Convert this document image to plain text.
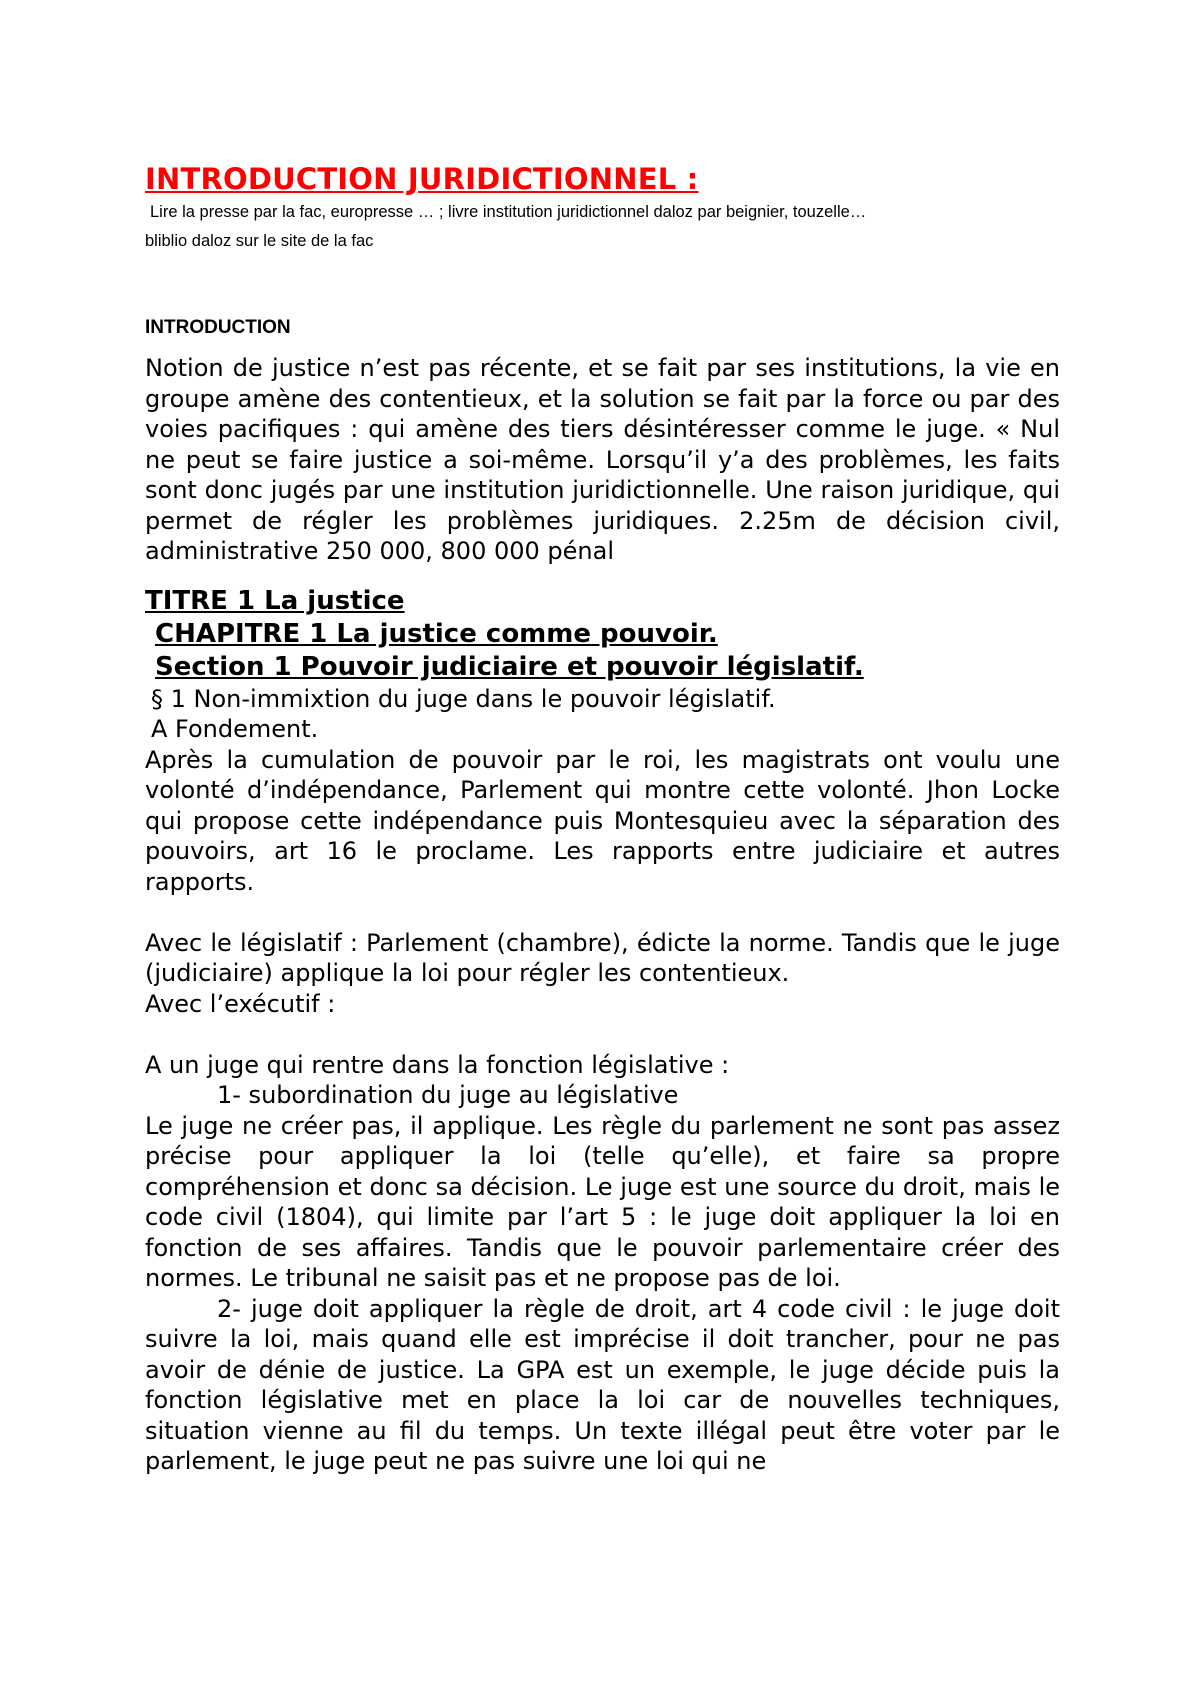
INTRODUCTION JURIDICTIONNEL :

Lire la presse par la fac, europresse … ; livre institution juridictionnel daloz par beignier, touzelle…
bliblio daloz sur le site de la fac

INTRODUCTION

Notion de justice n’est pas récente, et se fait par ses institutions, la vie en groupe amène des contentieux, et la solution se fait par la force ou par des voies pacifiques : qui amène des tiers désintéresser comme le juge. « Nul ne peut se faire justice a soi-même. Lorsqu’il y’a des problèmes, les faits sont donc jugés par une institution juridictionnelle. Une raison juridique, qui permet de régler les problèmes juridiques. 2.25m de décision civil, administrative 250 000, 800 000 pénal

TITRE 1 La justice

CHAPITRE 1 La justice comme pouvoir.

Section 1 Pouvoir judiciaire et pouvoir législatif.

§ 1 Non-immixtion du juge dans le pouvoir législatif.

A Fondement.

Après la cumulation de pouvoir par le roi, les magistrats ont voulu une volonté d’indépendance, Parlement qui montre cette volonté. Jhon Locke qui propose cette indépendance puis Montesquieu avec la séparation des pouvoirs, art 16 le proclame. Les rapports entre judiciaire et autres rapports.

Avec le législatif : Parlement (chambre), édicte la norme. Tandis que le juge (judiciaire) applique la loi pour régler les contentieux.

Avec l’exécutif :

A un juge qui rentre dans la fonction législative :

1- subordination du juge au législative

Le juge ne créer pas, il applique. Les règle du parlement ne sont pas assez précise pour appliquer la loi (telle qu’elle), et faire sa propre compréhension et donc sa décision. Le juge est une source du droit, mais le code civil (1804), qui limite par l’art 5 : le juge doit appliquer la loi en fonction de ses affaires. Tandis que le pouvoir parlementaire créer des normes. Le tribunal ne saisit pas et ne propose pas de loi.

2- juge doit appliquer la règle de droit, art 4 code civil : le juge doit suivre la loi, mais quand elle est imprécise il doit trancher, pour ne pas avoir de dénie de justice. La GPA est un exemple, le juge décide puis la fonction législative met en place la loi car de nouvelles techniques, situation vienne au fil du temps. Un texte illégal peut être voter par le parlement, le juge peut ne pas suivre une loi qui ne
